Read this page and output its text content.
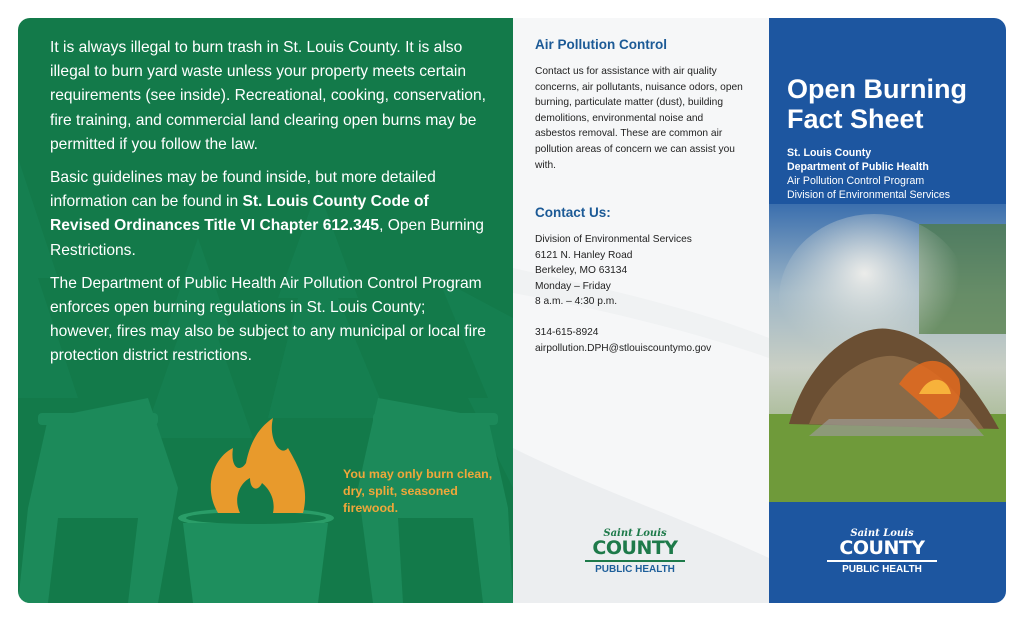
It is always illegal to burn trash in St. Louis County. It is also illegal to burn yard waste unless your property meets certain requirements (see inside). Recreational, cooking, conservation, fire training, and commercial land clearing open burns may be permitted if you follow the law.

Basic guidelines may be found inside, but more detailed information can be found in St. Louis County Code of Revised Ordinances Title VI Chapter 612.345, Open Burning Restrictions.

The Department of Public Health Air Pollution Control Program enforces open burning regulations in St. Louis County; however, fires may also be subject to any municipal or local fire protection district restrictions.

You may only burn clean, dry, split, seasoned firewood.
Air Pollution Control
Contact us for assistance with air quality concerns, air pollutants, nuisance odors, open burning, particulate matter (dust), building demolitions, environmental noise and asbestos removal. These are common air pollution areas of concern we can assist you with.
Contact Us:
Division of Environmental Services
6121 N. Hanley Road
Berkeley, MO 63134
Monday – Friday
8 a.m. – 4:30 p.m.
314-615-8924
airpollution.DPH@stlouiscountymo.gov
Saint Louis
COUNTY
PUBLIC HEALTH
Open Burning
Fact Sheet
St. Louis County
Department of Public Health
Air Pollution Control Program
Division of Environmental Services
Saint Louis
COUNTY
PUBLIC HEALTH
